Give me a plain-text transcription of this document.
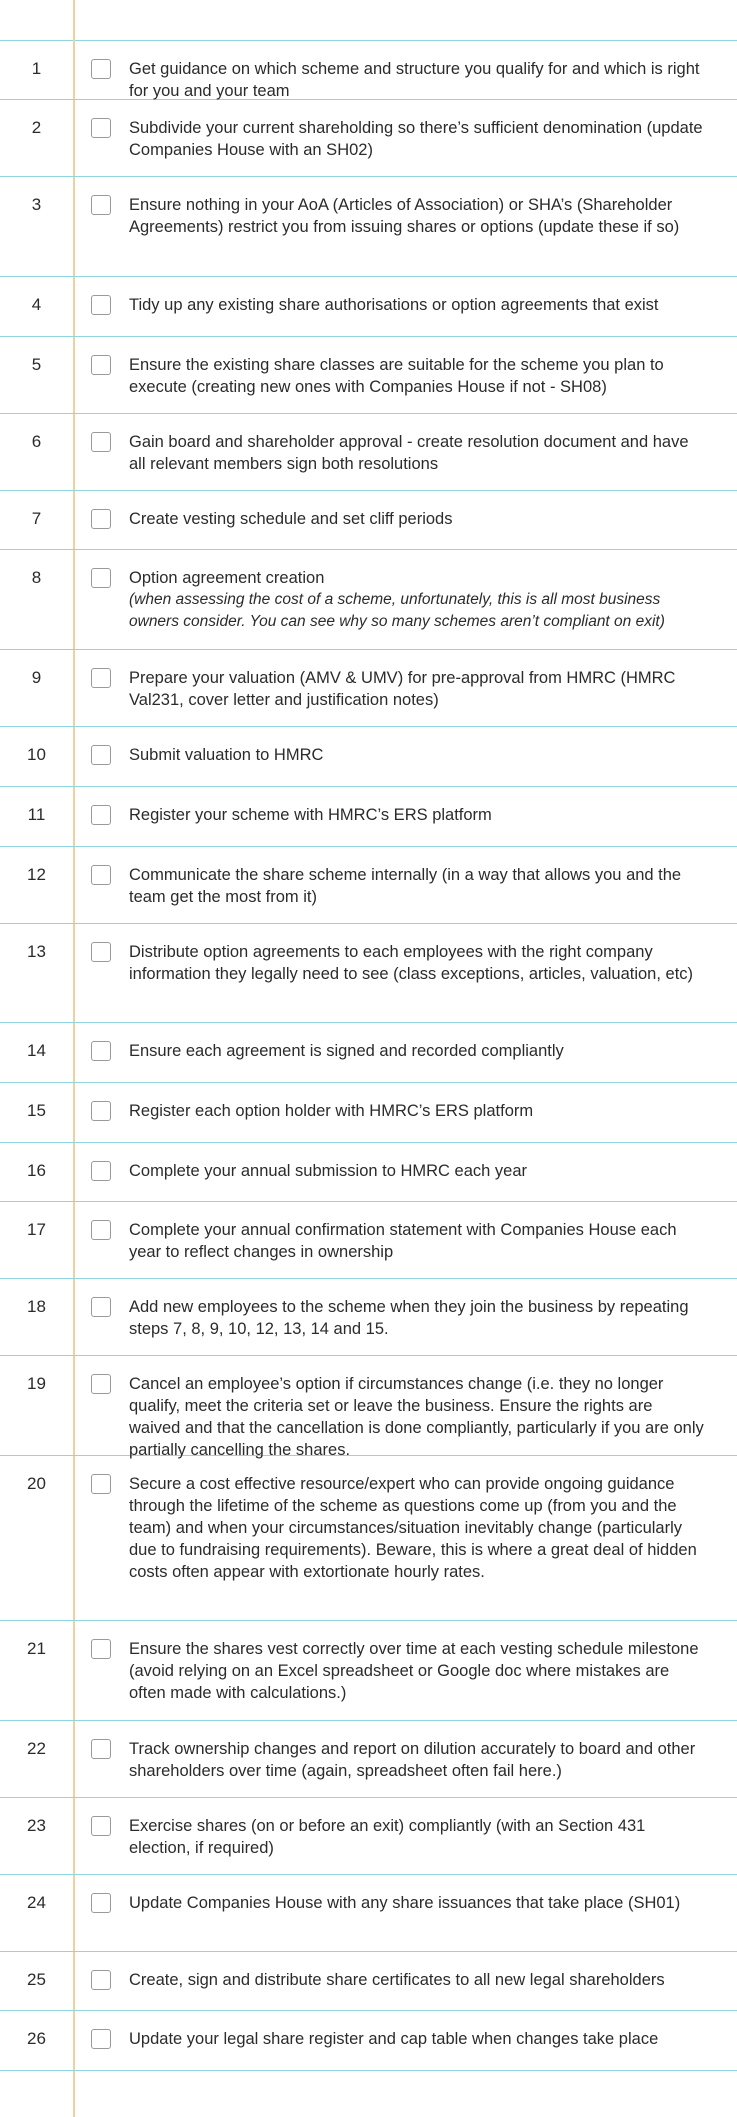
1	Get guidance on which scheme and structure you qualify for and which is right for you and your team
2	Subdivide your current shareholding so there’s sufficient denomination (update Companies House with an SH02)
3	Ensure nothing in your AoA (Articles of Association) or SHA’s (Shareholder Agreements) restrict you from issuing shares or options (update these if so)
4	Tidy up any existing share authorisations or option agreements that exist
5	Ensure the existing share classes are suitable for the scheme you plan to execute (creating new ones with Companies House if not - SH08)
6	Gain board and shareholder approval - create resolution document and have all relevant members sign both resolutions
7	Create vesting schedule and set cliff periods
8	Option agreement creation
(when assessing the cost of a scheme, unfortunately, this is all most business owners consider. You can see why so many schemes aren’t compliant on exit)
9	Prepare your valuation (AMV & UMV) for pre-approval from HMRC (HMRC Val231, cover letter and justification notes)
10	Submit valuation to HMRC
11	Register your scheme with HMRC’s ERS platform
12	Communicate the share scheme internally (in a way that allows you and the team get the most from it)
13	Distribute option agreements to each employees with the right company information they legally need to see (class exceptions, articles, valuation, etc)
14	Ensure each agreement is signed and recorded compliantly
15	Register each option holder with HMRC’s ERS platform
16	Complete your annual submission to HMRC each year
17	Complete your annual confirmation statement with Companies House each year to reflect changes in ownership
18	Add new employees to the scheme when they join the business by repeating steps 7, 8, 9, 10, 12, 13, 14 and 15.
19	Cancel an employee’s option if circumstances change (i.e. they no longer qualify, meet the criteria set or leave the business. Ensure the rights are waived and that the cancellation is done compliantly, particularly if you are only partially cancelling the shares.
20	Secure a cost effective resource/expert who can provide ongoing guidance through the lifetime of the scheme as questions come up (from you and the team) and when your circumstances/situation inevitably change (particularly due to fundraising requirements). Beware, this is where a great deal of hidden costs often appear with extortionate hourly rates.
21	Ensure the shares vest correctly over time at each vesting schedule milestone (avoid relying on an Excel spreadsheet or Google doc where mistakes are often made with calculations.)
22	Track ownership changes and report on dilution accurately to board and other shareholders over time (again, spreadsheet often fail here.)
23	Exercise shares (on or before an exit) compliantly (with an Section 431 election, if required)
24	Update Companies House with any share issuances that take place (SH01)
25	Create, sign and distribute share certificates to all new legal shareholders
26	Update your legal share register and cap table when changes take place
